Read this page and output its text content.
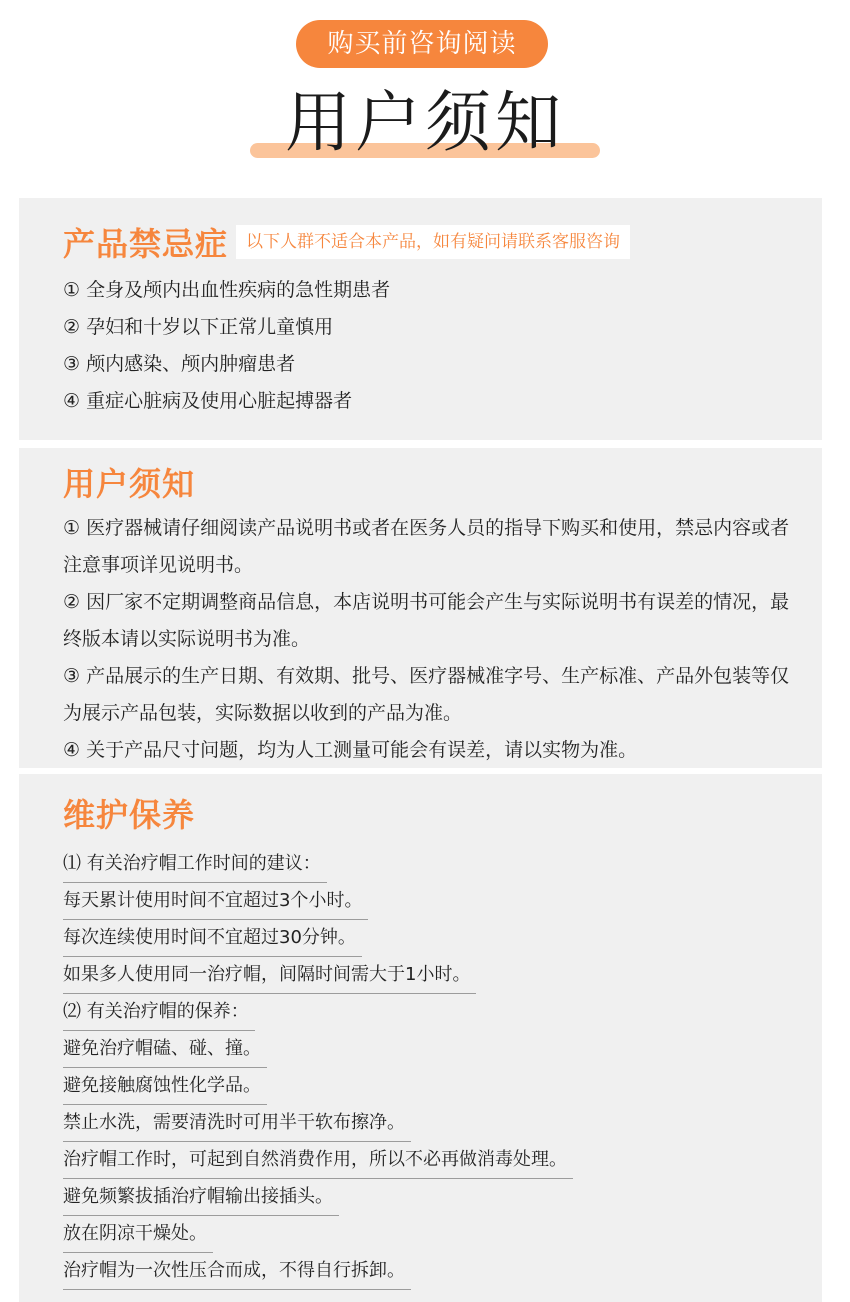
购买前咨询阅读
用户须知
产品禁忌症	以下人群不适合本产品，如有疑问请联系客服咨询
① 全身及颅内出血性疾病的急性期患者
② 孕妇和十岁以下正常儿童慎用
③ 颅内感染、颅内肿瘤患者
④ 重症心脏病及使用心脏起搏器者
用户须知
① 医疗器械请仔细阅读产品说明书或者在医务人员的指导下购买和使用，禁忌内容或者注意事项详见说明书。
② 因厂家不定期调整商品信息，本店说明书可能会产生与实际说明书有误差的情况，最终版本请以实际说明书为准。
③ 产品展示的生产日期、有效期、批号、医疗器械准字号、生产标准、产品外包装等仅为展示产品包装，实际数据以收到的产品为准。
④ 关于产品尺寸问题，均为人工测量可能会有误差，请以实物为准。
维护保养
⑴ 有关治疗帽工作时间的建议：
每天累计使用时间不宜超过3个小时。
每次连续使用时间不宜超过30分钟。
如果多人使用同一治疗帽，间隔时间需大于1小时。
⑵ 有关治疗帽的保养：
避免治疗帽磕、碰、撞。
避免接触腐蚀性化学品。
禁止水洗，需要清洗时可用半干软布擦净。
治疗帽工作时，可起到自然消费作用，所以不必再做消毒处理。
避免频繁拔插治疗帽输出接插头。
放在阴凉干燥处。
治疗帽为一次性压合而成，不得自行拆卸。
